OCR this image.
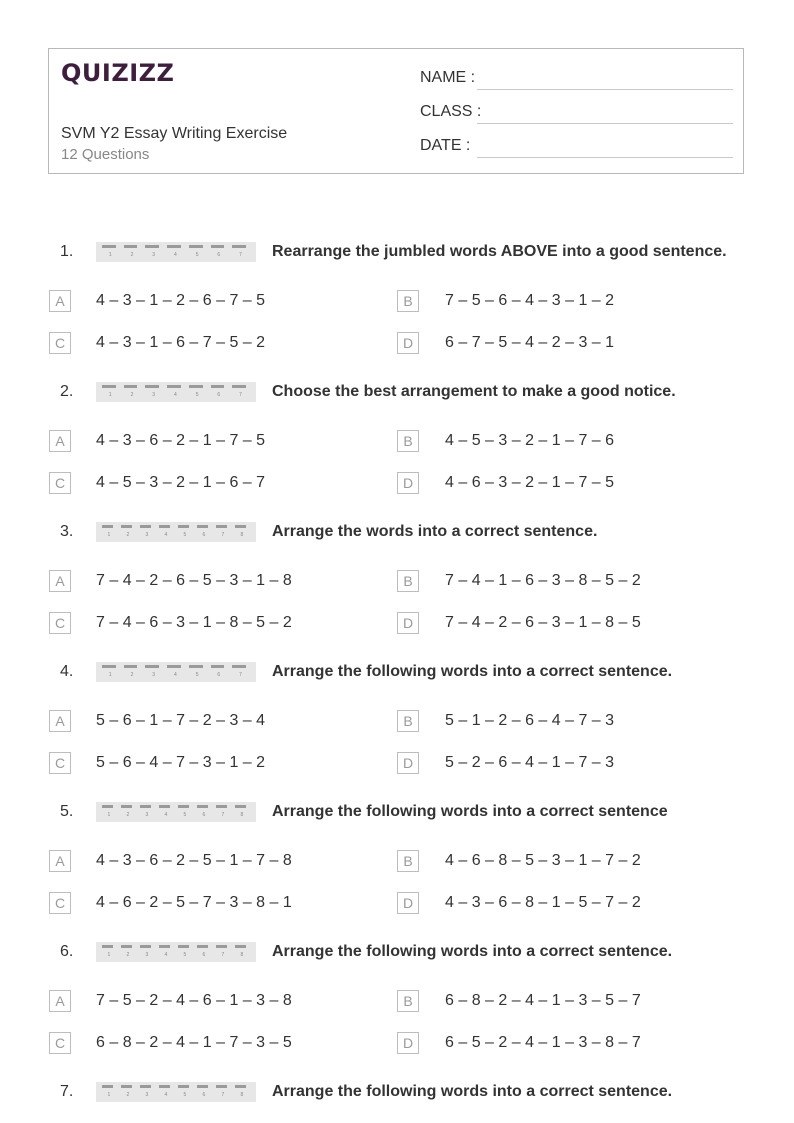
QUIZIZZ
SVM Y2 Essay Writing Exercise
12 Questions
NAME :
CLASS :
DATE :
1.	1	2	3	4	5	6	7 Rearrange the jumbled words ABOVE into a good sentence.
A	4 – 3 – 1 – 2 – 6 – 7 – 5	B	7 – 5 – 6 – 4 – 3 – 1 – 2
C	4 – 3 – 1 – 6 – 7 – 5 – 2	D	6 – 7 – 5 – 4 – 2 – 3 – 1
2.	1	2	3	4	5	6	7 Choose the best arrangement to make a good notice.
A	4 – 3 – 6 – 2 – 1 – 7 – 5	B	4 – 5 – 3 – 2 – 1 – 7 – 6
C	4 – 5 – 3 – 2 – 1 – 6 – 7	D	4 – 6 – 3 – 2 – 1 – 7 – 5
3.	1	2	3	4	5	6	7	8 Arrange the words into a correct sentence.
A	7 – 4 – 2 – 6 – 5 – 3 – 1 – 8	B	7 – 4 – 1 – 6 – 3 – 8 – 5 – 2
C	7 – 4 – 6 – 3 – 1 – 8 – 5 – 2	D	7 – 4 – 2 – 6 – 3 – 1 – 8 – 5
4.	1	2	3	4	5	6	7 Arrange the following words into a correct sentence.
A	5 – 6 – 1 – 7 – 2 – 3 – 4	B	5 – 1 – 2 – 6 – 4 – 7 – 3
C	5 – 6 – 4 – 7 – 3 – 1 – 2	D	5 – 2 – 6 – 4 – 1 – 7 – 3
5.	1	2	3	4	5	6	7	8 Arrange the following words into a correct sentence
A	4 – 3 – 6 – 2 – 5 – 1 – 7 – 8	B	4 – 6 – 8 – 5 – 3 – 1 – 7 – 2
C	4 – 6 – 2 – 5 – 7 – 3 – 8 – 1	D	4 – 3 – 6 – 8 – 1 – 5 – 7 – 2
6.	1	2	3	4	5	6	7	8 Arrange the following words into a correct sentence.
A	7 – 5 – 2 – 4 – 6 – 1 – 3 – 8	B	6 – 8 – 2 – 4 – 1 – 3 – 5 – 7
C	6 – 8 – 2 – 4 – 1 – 7 – 3 – 5	D	6 – 5 – 2 – 4 – 1 – 3 – 8 – 7
7.	1	2	3	4	5	6	7	8 Arrange the following words into a correct sentence.
